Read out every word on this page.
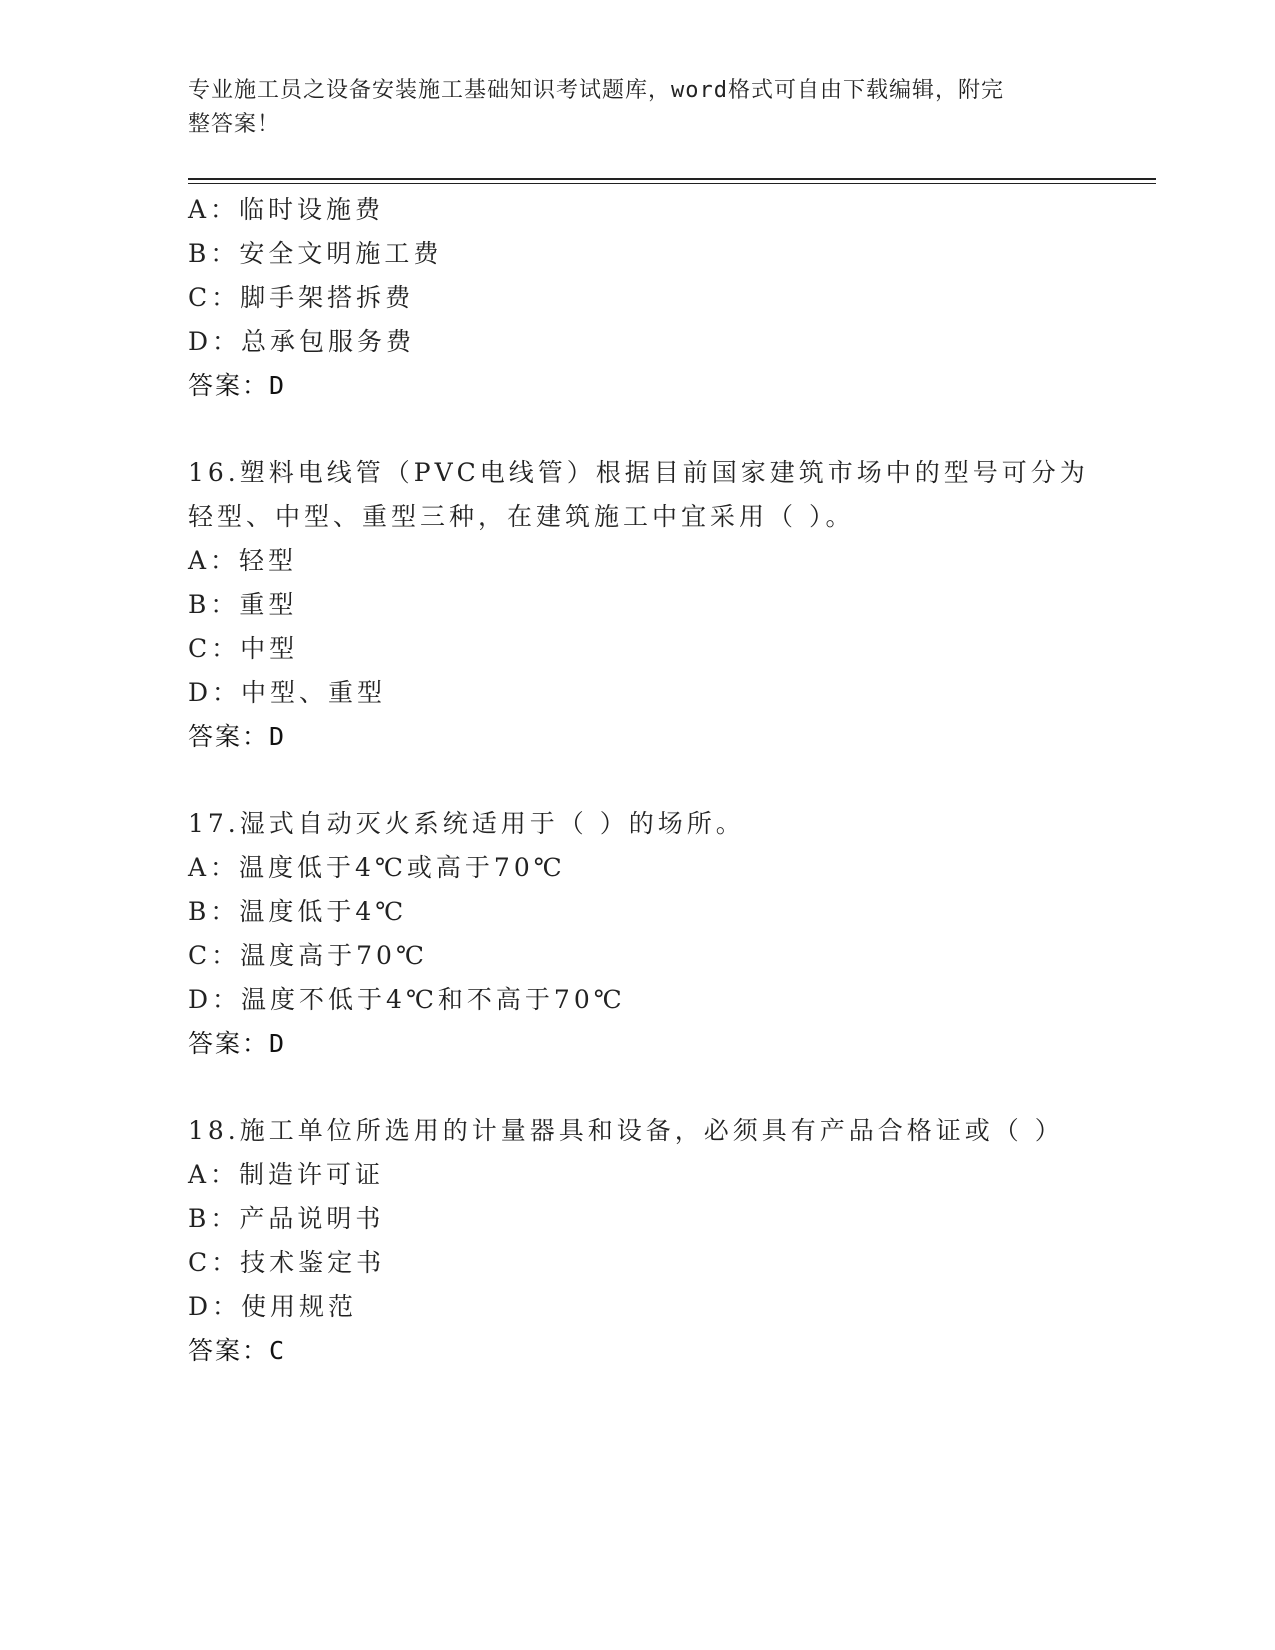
专业施工员之设备安装施工基础知识考试题库，word格式可自由下载编辑，附完
整答案！
A：临时设施费
B：安全文明施工费
C：脚手架搭拆费
D：总承包服务费
答案：D
16.塑料电线管（PVC电线管）根据目前国家建筑市场中的型号可分为
轻型、中型、重型三种，在建筑施工中宜采用（ ）。
A：轻型
B：重型
C：中型
D：中型、重型
答案：D
17.湿式自动灭火系统适用于（ ）的场所。
A：温度低于4℃或高于70℃
B：温度低于4℃
C：温度高于70℃
D：温度不低于4℃和不高于70℃
答案：D
18.施工单位所选用的计量器具和设备，必须具有产品合格证或（ ）
A：制造许可证
B：产品说明书
C：技术鉴定书
D：使用规范
答案：C
